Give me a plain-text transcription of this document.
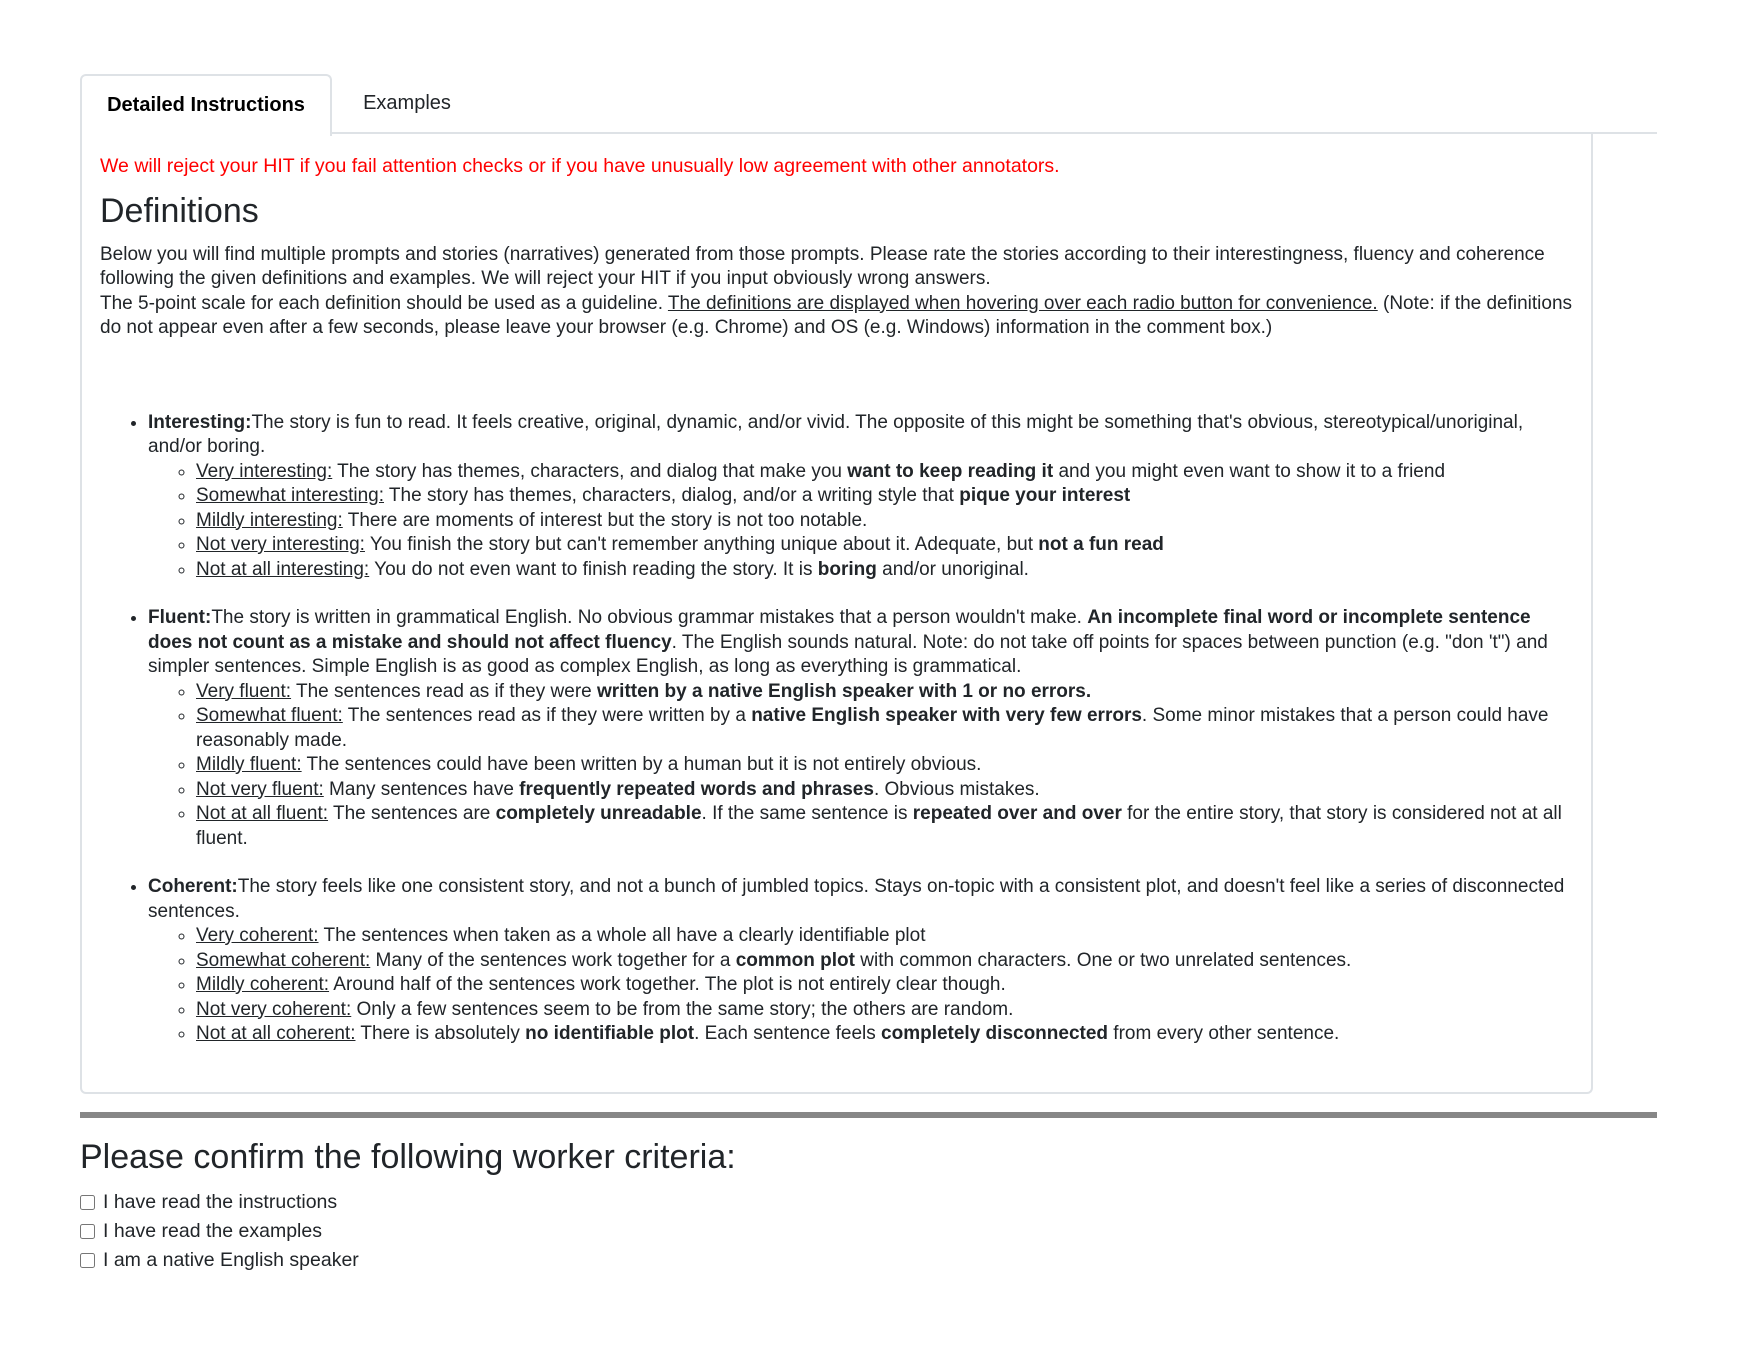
Detailed Instructions	Examples

We will reject your HIT if you fail attention checks or if you have unusually low agreement with other annotators.

Definitions

Below you will find multiple prompts and stories (narratives) generated from those prompts. Please rate the stories according to their interestingness, fluency and coherence following the given definitions and examples. We will reject your HIT if you input obviously wrong answers.

The 5-point scale for each definition should be used as a guideline. The definitions are displayed when hovering over each radio button for convenience. (Note: if the definitions do not appear even after a few seconds, please leave your browser (e.g. Chrome) and OS (e.g. Windows) information in the comment box.)

• Interesting:The story is fun to read. It feels creative, original, dynamic, and/or vivid. The opposite of this might be something that's obvious, stereotypical/unoriginal, and/or boring.
◦ Very interesting: The story has themes, characters, and dialog that make you want to keep reading it and you might even want to show it to a friend
◦ Somewhat interesting: The story has themes, characters, dialog, and/or a writing style that pique your interest
◦ Mildly interesting: There are moments of interest but the story is not too notable.
◦ Not very interesting: You finish the story but can't remember anything unique about it. Adequate, but not a fun read
◦ Not at all interesting: You do not even want to finish reading the story. It is boring and/or unoriginal.
• Fluent:The story is written in grammatical English. No obvious grammar mistakes that a person wouldn't make. An incomplete final word or incomplete sentence does not count as a mistake and should not affect fluency. The English sounds natural. Note: do not take off points for spaces between punction (e.g. "don 't") and simpler sentences. Simple English is as good as complex English, as long as everything is grammatical.
◦ Very fluent: The sentences read as if they were written by a native English speaker with 1 or no errors.
◦ Somewhat fluent: The sentences read as if they were written by a native English speaker with very few errors. Some minor mistakes that a person could have reasonably made.
◦ Mildly fluent: The sentences could have been written by a human but it is not entirely obvious.
◦ Not very fluent: Many sentences have frequently repeated words and phrases. Obvious mistakes.
◦ Not at all fluent: The sentences are completely unreadable. If the same sentence is repeated over and over for the entire story, that story is considered not at all fluent.
• Coherent:The story feels like one consistent story, and not a bunch of jumbled topics. Stays on-topic with a consistent plot, and doesn't feel like a series of disconnected sentences.
◦ Very coherent: The sentences when taken as a whole all have a clearly identifiable plot
◦ Somewhat coherent: Many of the sentences work together for a common plot with common characters. One or two unrelated sentences.
◦ Mildly coherent: Around half of the sentences work together. The plot is not entirely clear though.
◦ Not very coherent: Only a few sentences seem to be from the same story; the others are random.
◦ Not at all coherent: There is absolutely no identifiable plot. Each sentence feels completely disconnected from every other sentence.
Please confirm the following worker criteria:
I have read the instructions
I have read the examples
I am a native English speaker
